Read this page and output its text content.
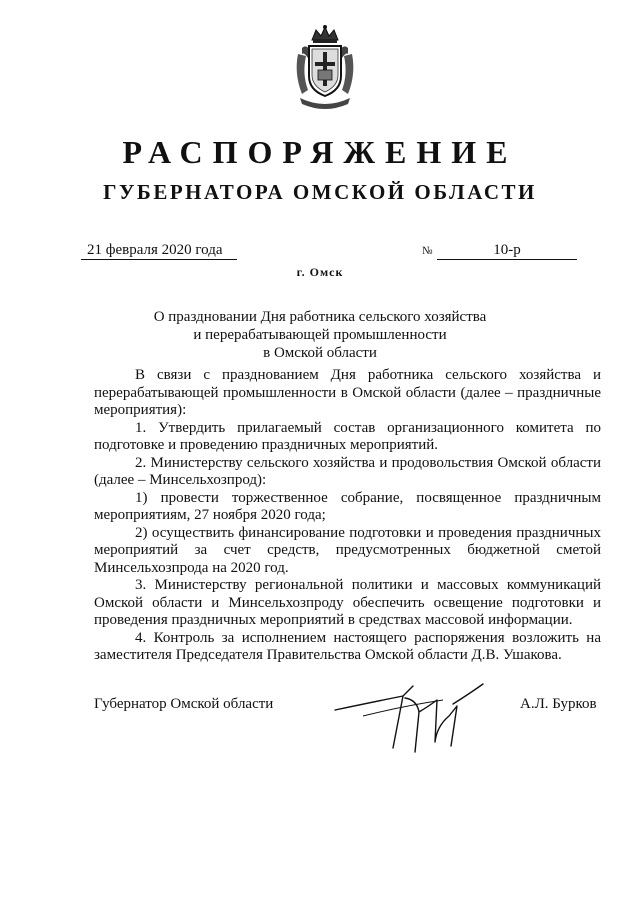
РАСПОРЯЖЕНИЕ
ГУБЕРНАТОРА ОМСКОЙ ОБЛАСТИ
21 февраля 2020 года	№	10-р
г. Омск
О праздновании Дня работника сельского хозяйства
и перерабатывающей промышленности
в Омской области

В связи с празднованием Дня работника сельского хозяйства и перерабатывающей промышленности в Омской области (далее – праздничные мероприятия):

1. Утвердить прилагаемый состав организационного комитета по подготовке и проведению праздничных мероприятий.

2. Министерству сельского хозяйства и продовольствия Омской области (далее – Минсельхозпрод):

1) провести торжественное собрание, посвященное праздничным мероприятиям, 27 ноября 2020 года;

2) осуществить финансирование подготовки и проведения праздничных мероприятий за счет средств, предусмотренных бюджетной сметой Минсельхозпрода на 2020 год.

3. Министерству региональной политики и массовых коммуникаций Омской области и Минсельхозпроду обеспечить освещение подготовки и проведения праздничных мероприятий в средствах массовой информации.

4. Контроль за исполнением настоящего распоряжения возложить на заместителя Председателя Правительства Омской области Д.В. Ушакова.

Губернатор Омской области	А.Л. Бурков
